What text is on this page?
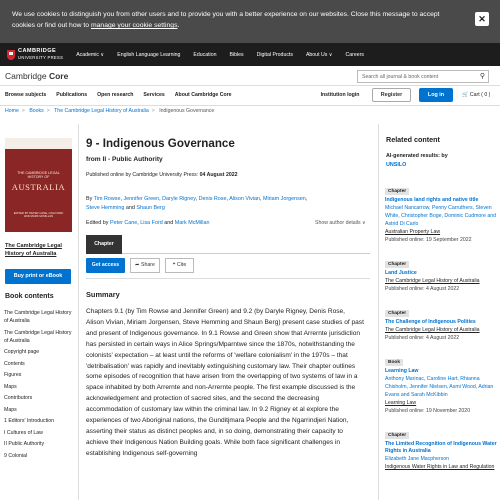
We use cookies to distinguish you from other users and to provide you with a better experience on our websites. Close this message to accept cookies or find out how to manage your cookie settings.
✕
CAMBRIDGE
UNIVERSITY PRESS	Academic ∨	English Language Learning	Education	Bibles	Digital Products	About Us ∨	Careers
Cambridge Core	Search all journal & book content	⚲
Browse subjects Publications Open research Services About Cambridge Core	Institution login	Register	Log in	🛒 Cart ( 0 )
Home > Books > The Cambridge Legal History of Australia > Indigenous Governance
THE CAMBRIDGE LEGAL HISTORY OF
AUSTRALIA
EDITED BY PETER CANE, LISA FORD AND MARK McMILLAN
The Cambridge Legal History of Australia
Buy print or eBook
Book contents
The Cambridge Legal History of Australia
The Cambridge Legal History of Australia
Copyright page
Contents
Figures
Maps
Contributors
Maps
1 Editors' Introduction
I Cultures of Law
II Public Authority
9 Colonial
9 - Indigenous Governance
from II - Public Authority
Published online by Cambridge University Press: 04 August 2022
By Tim Rowse, Jennifer Green, Daryle Rigney, Denis Rose, Alison Vivian, Miriam Jorgensen, Steve Hemming and Shaun Berg
Edited by Peter Cane, Lisa Ford and Mark McMillan	Show author details ∨
Chapter
Get access	➦ Share	❝ Cite
Summary
Chapters 9.1 (by Tim Rowse and Jennifer Green) and 9.2 (by Daryle Rigney, Denis Rose, Alison Vivian, Miriam Jorgensen, Steve Hemming and Shaun Berg) present case studies of past and present of Indigenous governance. In 9.1 Rowse and Green show that Arrernte jurisdiction has persisted in certain ways in Alice Springs/Mparntwe since the 1870s, notwithstanding the colonists' expectation – at least until the reforms of 'welfare colonialism' in the 1970s – that 'detribalisation' was rapidly and inevitably extinguishing customary law. Their chapter outlines some episodes of recognition that have arisen from the overlapping of two systems of law in a space inhabited by both Arrernte and non-Arrernte people. The first example discussed is the acknowledgement and protection of sacred sites, and the second the decreasing accommodation of customary law within the criminal law. In 9.2 Rigney et al explore the experiences of two Aboriginal nations, the Gunditjmara People and the Ngarrindjeri Nation, asserting their status as distinct peoples and, in so doing, demonstrating their capacity to achieve their Indigenous Nation Building goals. While both face significant challenges in establishing Indigenous self-governing
Related content
AI-generated results: by
UNSILO
Chapter
Indigenous land rights and native title
Michael Nancarrow, Penny Carruthers, Steven White, Christopher Boge, Dominic Cudmore and Astrid Di Carlo
Australian Property Law
Published online: 19 September 2022
Chapter
Land Justice
The Cambridge Legal History of Australia
Published online: 4 August 2022
Chapter
The Challenge of Indigenous Polities
The Cambridge Legal History of Australia
Published online: 4 August 2022
Book
Learning Law
Anthony Marinac, Caroline Hart, Rhianna Chisholm, Jennifer Nielsen, Asmi Wood, Adrian Evans and Sarah McKibbin
Learning Law
Published online: 19 November 2020
Chapter
The Limited Recognition of Indigenous Water Rights in Australia
Elizabeth Jane Macpherson
Indigenous Water Rights in Law and Regulation
